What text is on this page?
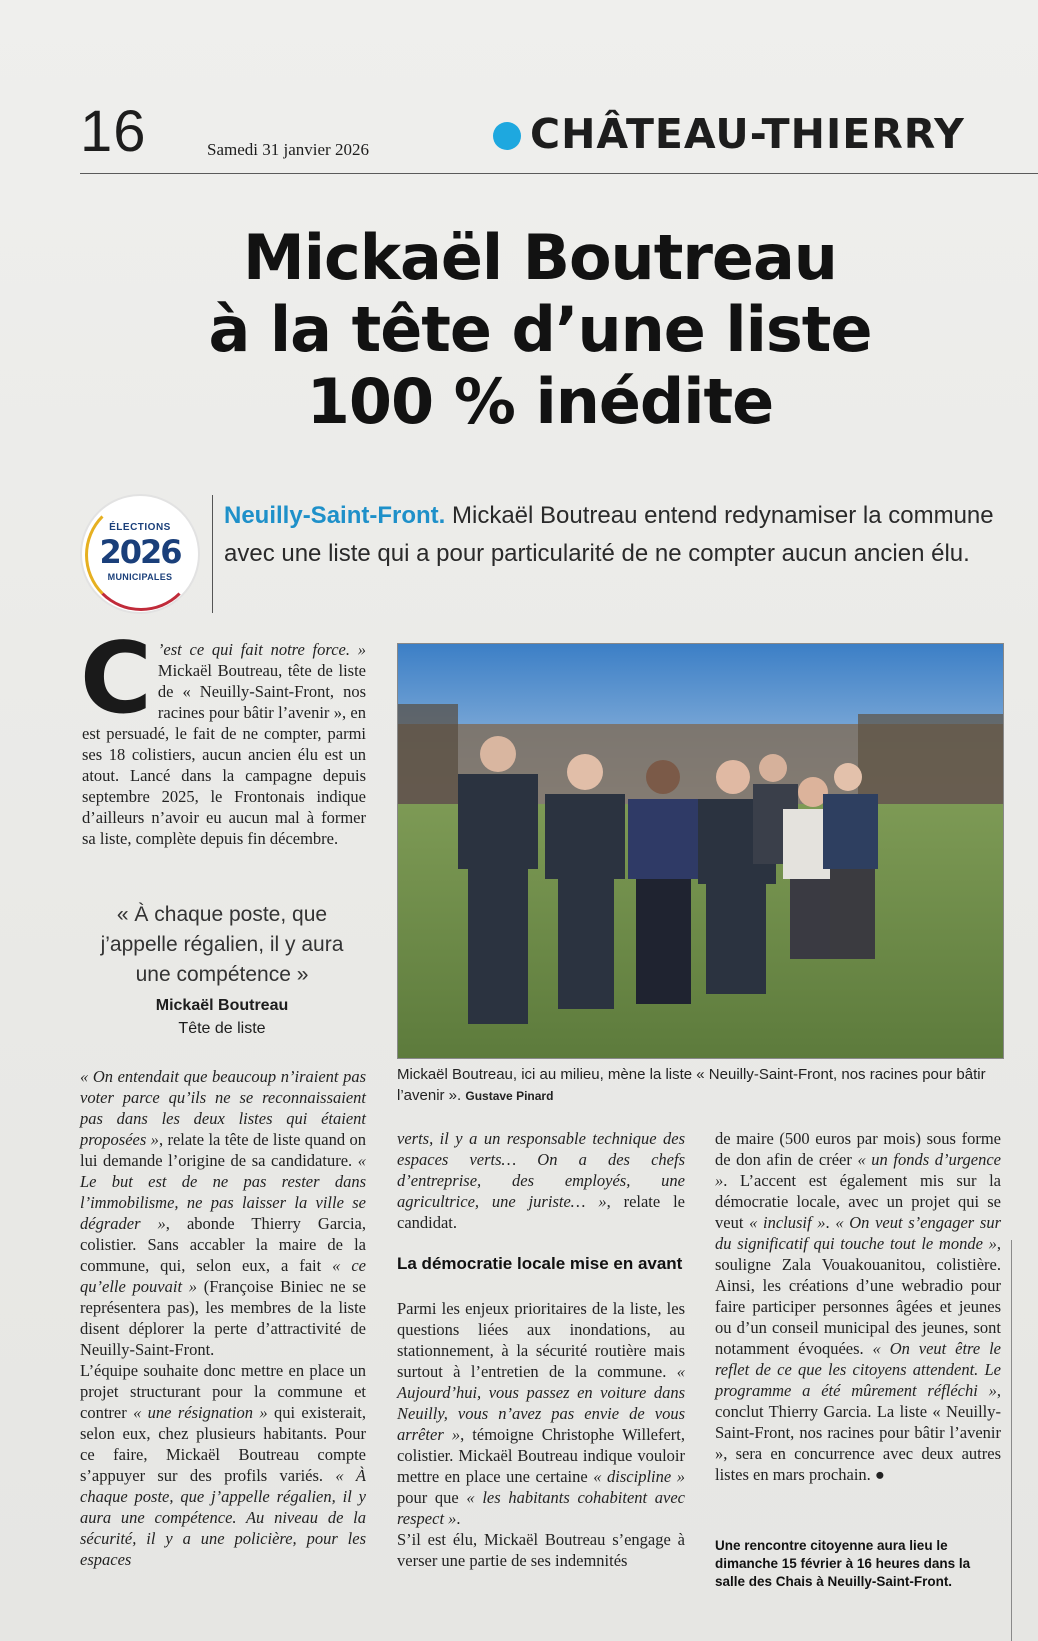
16	Samedi 31 janvier 2026	CHÂTEAU-THIERRY
Mickaël Boutreau
à la tête d’une liste
100 % inédite
ÉLECTIONS
2026
MUNICIPALES
Neuilly-Saint-Front. Mickaël Boutreau entend redynamiser la commune avec une liste qui a pour particularité de ne compter aucun ancien élu.
C ’est ce qui fait notre force. » Mickaël Boutreau, tête de liste de « Neuilly-Saint-Front, nos racines pour bâtir l’avenir », en est persuadé, le fait de ne compter, parmi ses 18 colistiers, aucun ancien élu est un atout. Lancé dans la campagne depuis septembre 2025, le Frontonais indique d’ailleurs n’avoir eu aucun mal à former sa liste, complète depuis fin décembre.
« À chaque poste, que j’appelle régalien, il y aura une compétence »
Mickaël Boutreau
Tête de liste

« On entendait que beaucoup n’iraient pas voter parce qu’ils ne se reconnaissaient pas dans les deux listes qui étaient proposées », relate la tête de liste quand on lui demande l’origine de sa candidature. « Le but est de ne pas rester dans l’immobilisme, ne pas laisser la ville se dégrader », abonde Thierry Garcia, colistier. Sans accabler la maire de la commune, qui, selon eux, a fait « ce qu’elle pouvait » (Françoise Biniec ne se représentera pas), les membres de la liste disent déplorer la perte d’attractivité de Neuilly-Saint-Front.

L’équipe souhaite donc mettre en place un projet structurant pour la commune et contrer « une résignation » qui existerait, selon eux, chez plusieurs habitants. Pour ce faire, Mickaël Boutreau compte s’appuyer sur des profils variés. « À chaque poste, que j’appelle régalien, il y aura une compétence. Au niveau de la sécurité, il y a une policière, pour les espaces

Mickaël Boutreau, ici au milieu, mène la liste « Neuilly-Saint-Front, nos racines pour bâtir l’avenir ». Gustave Pinard
verts, il y a un responsable technique des espaces verts… On a des chefs d’entreprise, des employés, une agricultrice, une juriste… », relate le candidat.
La démocratie locale mise en avant

Parmi les enjeux prioritaires de la liste, les questions liées aux inondations, au stationnement, à la sécurité routière mais surtout à l’entretien de la commune. « Aujourd’hui, vous passez en voiture dans Neuilly, vous n’avez pas envie de vous arrêter », témoigne Christophe Willefert, colistier. Mickaël Boutreau indique vouloir mettre en place une certaine « discipline » pour que « les habitants cohabitent avec respect ».

S’il est élu, Mickaël Boutreau s’engage à verser une partie de ses indemnités

de maire (500 euros par mois) sous forme de don afin de créer « un fonds d’urgence ». L’accent est également mis sur la démocratie locale, avec un projet qui se veut « inclusif ». « On veut s’engager sur du significatif qui touche tout le monde », souligne Zala Vouakouanitou, colistière. Ainsi, les créations d’une webradio pour faire participer personnes âgées et jeunes ou d’un conseil municipal des jeunes, sont notamment évoquées. « On veut être le reflet de ce que les citoyens attendent. Le programme a été mûrement réfléchi », conclut Thierry Garcia. La liste « Neuilly-Saint-Front, nos racines pour bâtir l’avenir », sera en concurrence avec deux autres listes en mars prochain. ●
Une rencontre citoyenne aura lieu le dimanche 15 février à 16 heures dans la salle des Chais à Neuilly-Saint-Front.
